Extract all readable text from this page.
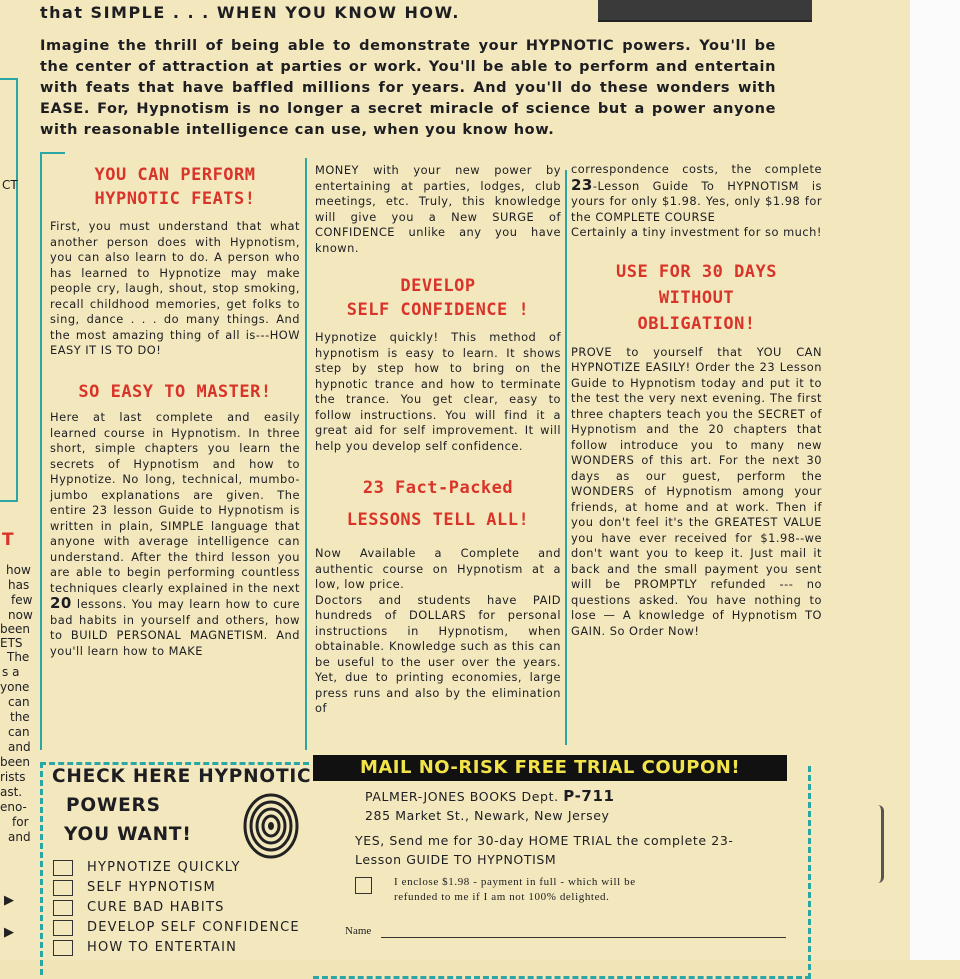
CT
T
how
has
few
now
been
ETS
The
s a
yone
can
the
can
and
been
rists
ast.
eno-
for
and
▶
▶
that SIMPLE . . . WHEN YOU KNOW HOW.
Imagine the thrill of being able to demonstrate your HYPNOTIC powers. You'll be the center of attraction at parties or work. You'll be able to perform and entertain with feats that have baffled millions for years. And you'll do these wonders with EASE. For, Hypnotism is no longer a secret miracle of science but a power anyone with reasonable intelligence can use, when you know how.
YOU CAN PERFORM
HYPNOTIC FEATS!

First, you must understand that what another person does with Hypnotism, you can also learn to do. A person who has learned to Hypnotize may make people cry, laugh, shout, stop smoking, recall childhood memories, get folks to sing, dance . . . do many things. And the most amazing thing of all is---HOW EASY IT IS TO DO!

SO EASY TO MASTER!

Here at last complete and easily learned course in Hypnotism. In three short, simple chapters you learn the secrets of Hypnotism and how to Hypnotize. No long, technical, mumbo-jumbo explanations are given. The entire 23 lesson Guide to Hypnotism is written in plain, SIMPLE language that anyone with average intelligence can understand. After the third lesson you are able to begin performing countless techniques clearly explained in the next 20 lessons. You may learn how to cure bad habits in yourself and others, how to BUILD PERSONAL MAGNETISM. And you'll learn how to MAKE

MONEY with your new power by entertaining at parties, lodges, club meetings, etc. Truly, this knowledge will give you a New SURGE of CONFIDENCE unlike any you have known.

DEVELOP
SELF CONFIDENCE !

Hypnotize quickly! This method of hypnotism is easy to learn. It shows step by step how to bring on the hypnotic trance and how to terminate the trance. You get clear, easy to follow instructions. You will find it a great aid for self improvement. It will help you develop self confidence.

23 Fact-Packed
LESSONS TELL ALL!

Now Available a Complete and authentic course on Hypnotism at a low, low price.

Doctors and students have PAID hundreds of DOLLARS for personal instructions in Hypnotism, when obtainable. Knowledge such as this can be useful to the user over the years. Yet, due to printing economies, large press runs and also by the elimination of

correspondence costs, the complete 23-Lesson Guide To HYPNOTISM is yours for only $1.98. Yes, only $1.98 for the COMPLETE COURSE

Certainly a tiny investment for so much!

USE FOR 30 DAYS
WITHOUT
OBLIGATION!

PROVE to yourself that YOU CAN HYPNOTIZE EASILY! Order the 23 Lesson Guide to Hypnotism today and put it to the test the very next evening. The first three chapters teach you the SECRET of Hypnotism and the 20 chapters that follow introduce you to many new WONDERS of this art. For the next 30 days as our guest, perform the WONDERS of Hypnotism among your friends, at home and at work. Then if you don't feel it's the GREATEST VALUE you have ever received for $1.98--we don't want you to keep it. Just mail it back and the small payment you sent will be PROMPTLY refunded --- no questions asked. You have nothing to lose — A knowledge of Hypnotism TO GAIN. So Order Now!

CHECK HERE HYPNOTIC
POWERS
YOU WANT!
HYPNOTIZE QUICKLY
SELF HYPNOTISM
CURE BAD HABITS
DEVELOP SELF CONFIDENCE
HOW TO ENTERTAIN
MAIL NO-RISK FREE TRIAL COUPON!
PALMER-JONES BOOKS Dept. P-711
285 Market St., Newark, New Jersey
YES, Send me for 30-day HOME TRIAL the complete 23-
Lesson GUIDE TO HYPNOTISM
I enclose $1.98 - payment in full - which will be
refunded to me if I am not 100% delighted.
Name
